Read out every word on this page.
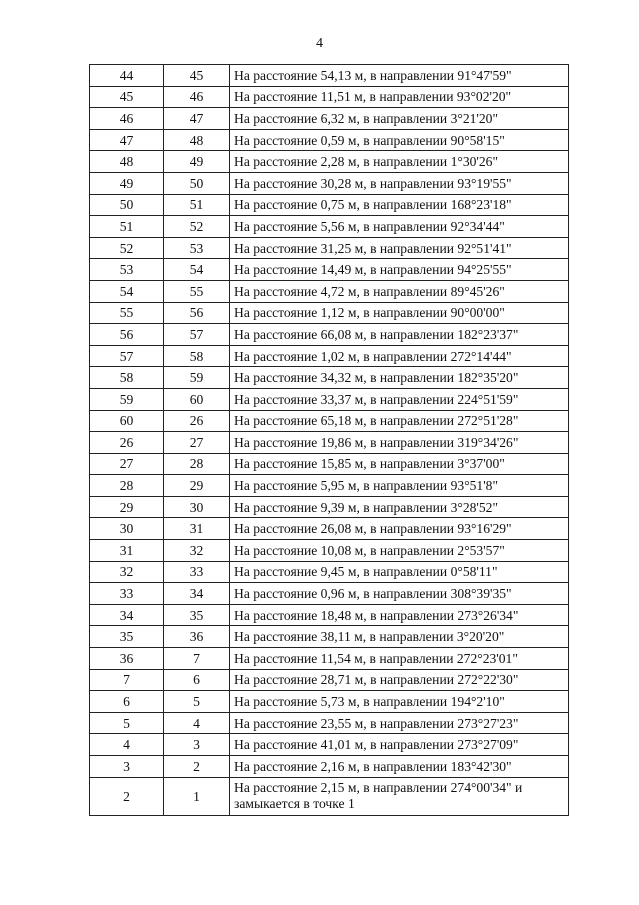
4
44	45	На расстояние 54,13 м, в направлении 91°47'59"
45	46	На расстояние 11,51 м, в направлении 93°02'20"
46	47	На расстояние 6,32 м, в направлении 3°21'20"
47	48	На расстояние 0,59 м, в направлении 90°58'15"
48	49	На расстояние 2,28 м, в направлении 1°30'26"
49	50	На расстояние 30,28 м, в направлении 93°19'55"
50	51	На расстояние 0,75 м, в направлении 168°23'18"
51	52	На расстояние 5,56 м, в направлении 92°34'44"
52	53	На расстояние 31,25 м, в направлении 92°51'41"
53	54	На расстояние 14,49 м, в направлении 94°25'55"
54	55	На расстояние 4,72 м, в направлении 89°45'26"
55	56	На расстояние 1,12 м, в направлении 90°00'00"
56	57	На расстояние 66,08 м, в направлении 182°23'37"
57	58	На расстояние 1,02 м, в направлении 272°14'44"
58	59	На расстояние 34,32 м, в направлении 182°35'20"
59	60	На расстояние 33,37 м, в направлении 224°51'59"
60	26	На расстояние 65,18 м, в направлении 272°51'28"
26	27	На расстояние 19,86 м, в направлении 319°34'26"
27	28	На расстояние 15,85 м, в направлении 3°37'00"
28	29	На расстояние 5,95 м, в направлении 93°51'8"
29	30	На расстояние 9,39 м, в направлении 3°28'52"
30	31	На расстояние 26,08 м, в направлении 93°16'29"
31	32	На расстояние 10,08 м, в направлении 2°53'57"
32	33	На расстояние 9,45 м, в направлении 0°58'11"
33	34	На расстояние 0,96 м, в направлении 308°39'35"
34	35	На расстояние 18,48 м, в направлении 273°26'34"
35	36	На расстояние 38,11 м, в направлении 3°20'20"
36	7	На расстояние 11,54 м, в направлении 272°23'01"
7	6	На расстояние 28,71 м, в направлении 272°22'30"
6	5	На расстояние 5,73 м, в направлении 194°2'10"
5	4	На расстояние 23,55 м, в направлении 273°27'23"
4	3	На расстояние 41,01 м, в направлении 273°27'09"
3	2	На расстояние 2,16 м, в направлении 183°42'30"
2	1	На расстояние 2,15 м, в направлении 274°00'34" и замыкается в точке 1
